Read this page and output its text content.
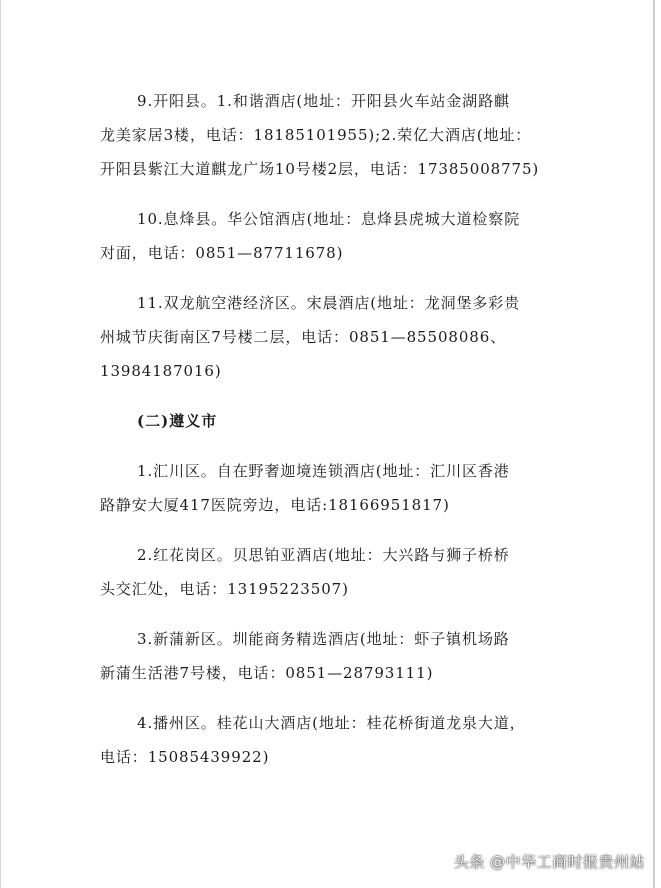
9.开阳县。1.和谐酒店(地址：开阳县火车站金湖路麒
龙美家居3楼，电话：18185101955);2.荣亿大酒店(地址：
开阳县紫江大道麒龙广场10号楼2层，电话：17385008775)
10.息烽县。华公馆酒店(地址：息烽县虎城大道检察院
对面，电话：0851—87711678)
11.双龙航空港经济区。宋晨酒店(地址：龙洞堡多彩贵
州城节庆街南区7号楼二层，电话：0851—85508086、
13984187016)
(二)遵义市
1.汇川区。自在野奢迦境连锁酒店(地址：汇川区香港
路静安大厦417医院旁边，电话:18166951817)
2.红花岗区。贝思铂亚酒店(地址：大兴路与狮子桥桥
头交汇处，电话：13195223507)
3.新蒲新区。圳能商务精选酒店(地址：虾子镇机场路
新蒲生活港7号楼，电话：0851—28793111)
4.播州区。桂花山大酒店(地址：桂花桥街道龙泉大道，
电话：15085439922)
头条 @中华工商时报贵州站
